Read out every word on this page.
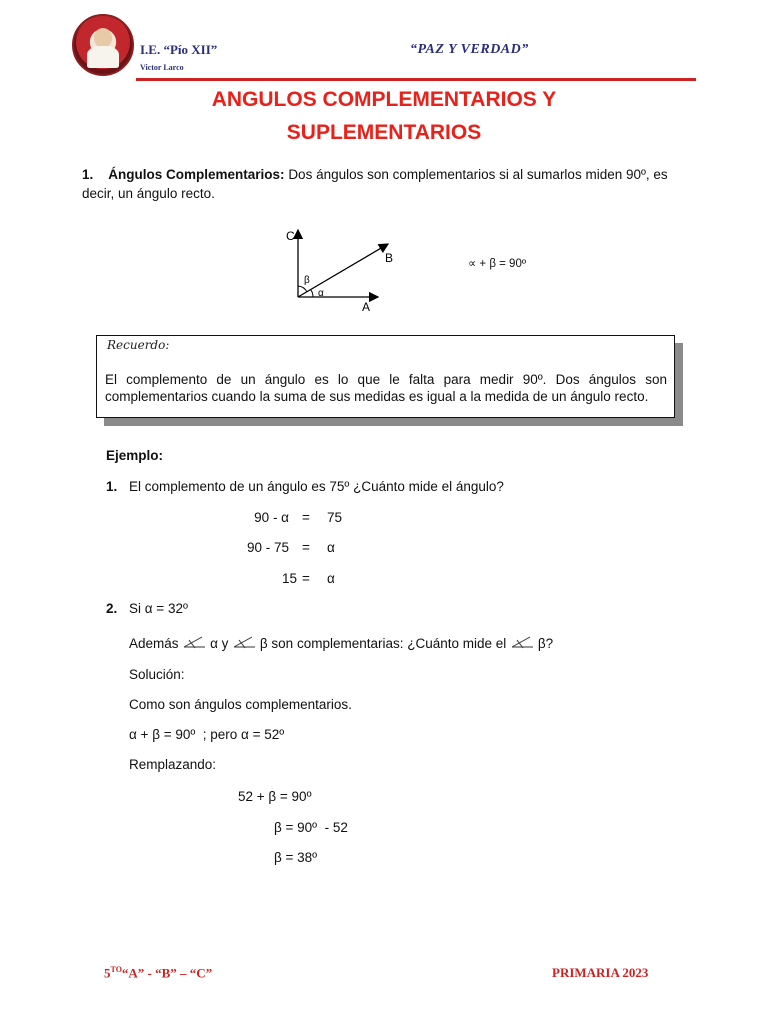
I.E. “Pío XII”
Victor Larco
“PAZ Y VERDAD”
ANGULOS COMPLEMENTARIOS Y
SUPLEMENTARIOS
1. Ángulos Complementarios: Dos ángulos son complementarios si al sumarlos miden 90º, es
decir, un ángulo recto.
C
B
A
β
α
∝ + β = 90º
Recuerdo:
El complemento de un ángulo es lo que le falta para medir 90º. Dos ángulos son complementarios cuando la suma de sus medidas es igual a la medida de un ángulo recto.
Ejemplo:
1. El complemento de un ángulo es 75º ¿Cuánto mide el ángulo?
90 - α = 75
90 - 75 = α
15 = α
2. Si α = 32º
Además α y β son complementarias: ¿Cuánto mide el β?
Solución:
Como son ángulos complementarios.
α + β = 90º  ; pero α = 52º
Remplazando:
52 + β = 90º
β = 90º  - 52
β = 38º
$5^{TO}“A$” - “B” – “C”	PRIMARIA 2023
